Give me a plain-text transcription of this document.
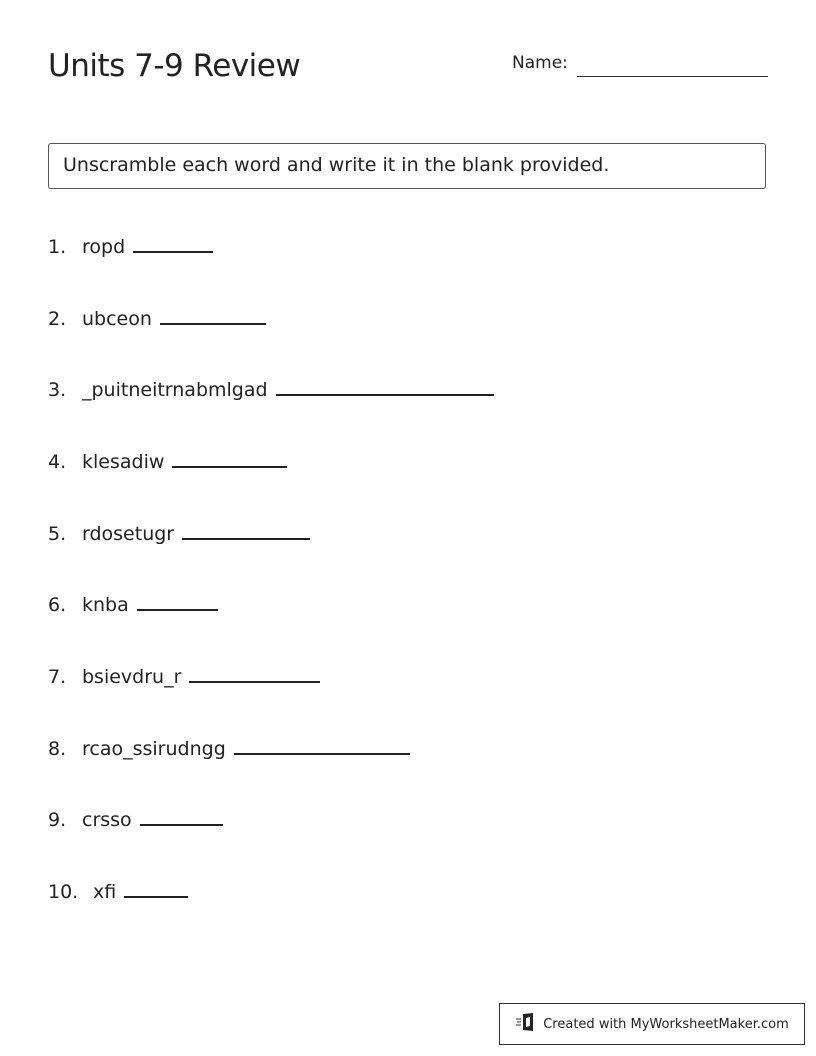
Units 7-9 Review	Name:
Unscramble each word and write it in the blank provided.
1. ropd
2. ubceon
3. _puitneitrnabmlgad
4. klesadiw
5. rdosetugr
6. knba
7. bsievdru_r
8. rcao_ssirudngg
9. crsso
10. xfi
Created with MyWorksheetMaker.com
